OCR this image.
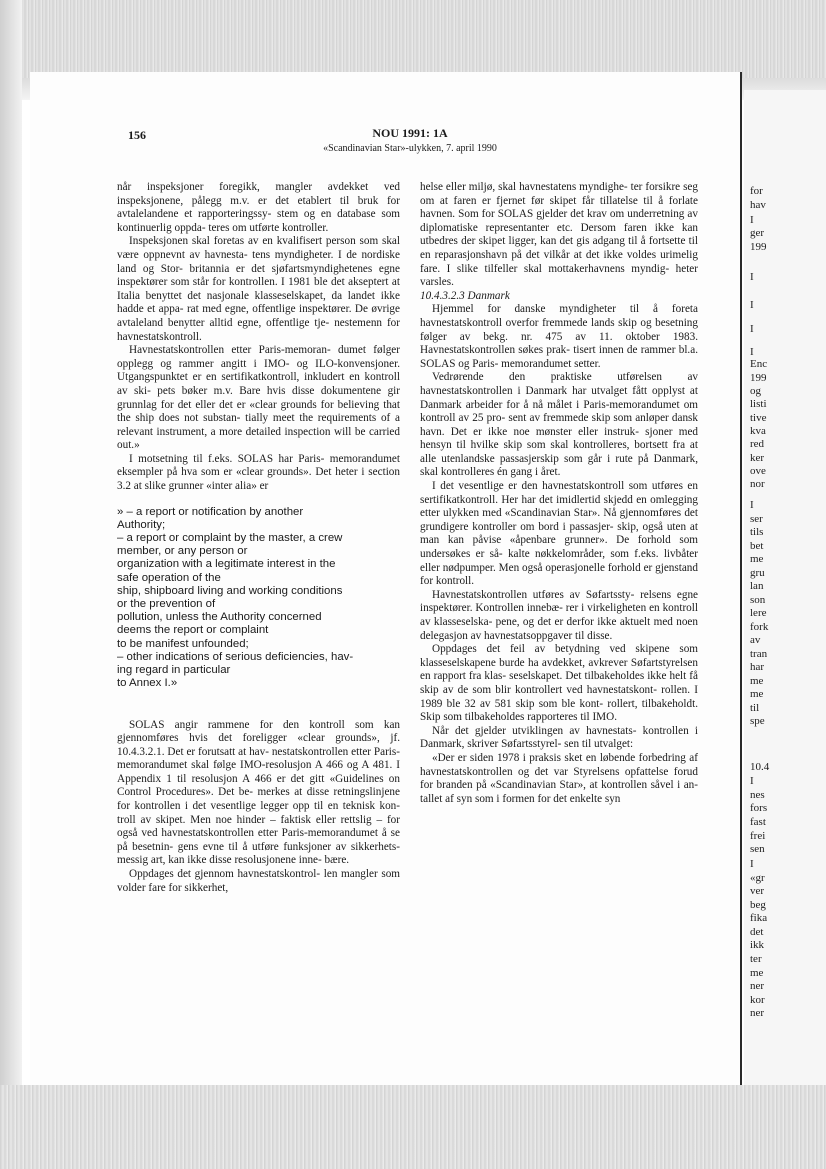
for
hav
I
ger
199
I
I
I
I
Enc
199
og
listi
tive
kva
red
ker
ove
nor
I
ser
tils
bet
me
gru
lan
son
lere
fork
av
tran
har
me
me
til
spe
10.4
I
nes
fors
fast
frei
sen
I
«gr
ver
beg
fika
det
ikk
ter
me
ner
kor
ner
156	NOU 1991: 1A
«Scandinavian Star»-ulykken, 7. april 1990

når inspeksjoner foregikk, mangler avdekket ved inspeksjonene, pålegg m.v. er det etablert til bruk for avtalelandene et rapporteringssy- stem og en database som kontinuerlig oppda- teres om utførte kontroller.

Inspeksjonen skal foretas av en kvalifisert person som skal være oppnevnt av havnesta- tens myndigheter. I de nordiske land og Stor- britannia er det sjøfartsmyndighetenes egne inspektører som står for kontrollen. I 1981 ble det akseptert at Italia benyttet det nasjonale klasseselskapet, da landet ikke hadde et appa- rat med egne, offentlige inspektører. De øvrige avtaleland benytter alltid egne, offentlige tje- nestemenn for havnestatskontroll.

Havnestatskontrollen etter Paris-memoran- dumet følger opplegg og rammer angitt i IMO- og ILO-konvensjoner. Utgangspunktet er en sertifikatkontroll, inkludert en kontroll av ski- pets bøker m.v. Bare hvis disse dokumentene gir grunnlag for det eller det er «clear grounds for believing that the ship does not substan- tially meet the requirements of a relevant instrument, a more detailed inspection will be carried out.»

I motsetning til f.eks. SOLAS har Paris- memorandumet eksempler på hva som er «clear grounds». Det heter i section 3.2 at slike grunner «inter alia» er

» – a report or notification by another
Authority;
– a report or complaint by the master, a crew
member, or any person or
organization with a legitimate interest in the
safe operation of the
ship, shipboard living and working conditions
or the prevention of
pollution, unless the Authority concerned
deems the report or complaint
to be manifest unfounded;
– other indications of serious deficiencies, hav-
ing regard in particular
to Annex I.»

SOLAS angir rammene for den kontroll som kan gjennomføres hvis det foreligger «clear grounds», jf. 10.4.3.2.1. Det er forutsatt at hav- nestatskontrollen etter Paris-memorandumet skal følge IMO-resolusjon A 466 og A 481. I Appendix 1 til resolusjon A 466 er det gitt «Guidelines on Control Procedures». Det be- merkes at disse retningslinjene for kontrollen i det vesentlige legger opp til en teknisk kon- troll av skipet. Men noe hinder – faktisk eller rettslig – for også ved havnestatskontrollen etter Paris-memorandumet å se på besetnin- gens evne til å utføre funksjoner av sikkerhets- messig art, kan ikke disse resolusjonene inne- bære.

Oppdages det gjennom havnestatskontrol- len mangler som volder fare for sikkerhet,

helse eller miljø, skal havnestatens myndighe- ter forsikre seg om at faren er fjernet før skipet får tillatelse til å forlate havnen. Som for SOLAS gjelder det krav om underretning av diplomatiske representanter etc. Dersom faren ikke kan utbedres der skipet ligger, kan det gis adgang til å fortsette til en reparasjonshavn på det vilkår at det ikke voldes urimelig fare. I slike tilfeller skal mottakerhavnens myndig- heter varsles.

10.4.3.2.3 Danmark

Hjemmel for danske myndigheter til å foreta havnestatskontroll overfor fremmede lands skip og besetning følger av bekg. nr. 475 av 11. oktober 1983. Havnestatskontrollen søkes prak- tisert innen de rammer bl.a. SOLAS og Paris- memorandumet setter.

Vedrørende den praktiske utførelsen av havnestatskontrollen i Danmark har utvalget fått opplyst at Danmark arbeider for å nå målet i Paris-memorandumet om kontroll av 25 pro- sent av fremmede skip som anløper dansk havn. Det er ikke noe mønster eller instruk- sjoner med hensyn til hvilke skip som skal kontrolleres, bortsett fra at alle utenlandske passasjerskip som går i rute på Danmark, skal kontrolleres én gang i året.

I det vesentlige er den havnestatskontroll som utføres en sertifikatkontroll. Her har det imidlertid skjedd en omlegging etter ulykken med «Scandinavian Star». Nå gjennomføres det grundigere kontroller om bord i passasjer- skip, også uten at man kan påvise «åpenbare grunner». De forhold som undersøkes er så- kalte nøkkelområder, som f.eks. livbåter eller nødpumper. Men også operasjonelle forhold er gjenstand for kontroll.

Havnestatskontrollen utføres av Søfartssty- relsens egne inspektører. Kontrollen innebæ- rer i virkeligheten en kontroll av klasseselska- pene, og det er derfor ikke aktuelt med noen delegasjon av havnestatsoppgaver til disse.

Oppdages det feil av betydning ved skipene som klasseselskapene burde ha avdekket, avkrever Søfartstyrelsen en rapport fra klas- seselskapet. Det tilbakeholdes ikke helt få skip av de som blir kontrollert ved havnestatskont- rollen. I 1989 ble 32 av 581 skip som ble kont- rollert, tilbakeholdt. Skip som tilbakeholdes rapporteres til IMO.

Når det gjelder utviklingen av havnestats- kontrollen i Danmark, skriver Søfartsstyrel- sen til utvalget:

«Der er siden 1978 i praksis sket en løbende forbedring af havnestatskontrollen og det var Styrelsens opfattelse forud for branden på «Scandinavian Star», at kontrollen såvel i an- tallet af syn som i formen for det enkelte syn
